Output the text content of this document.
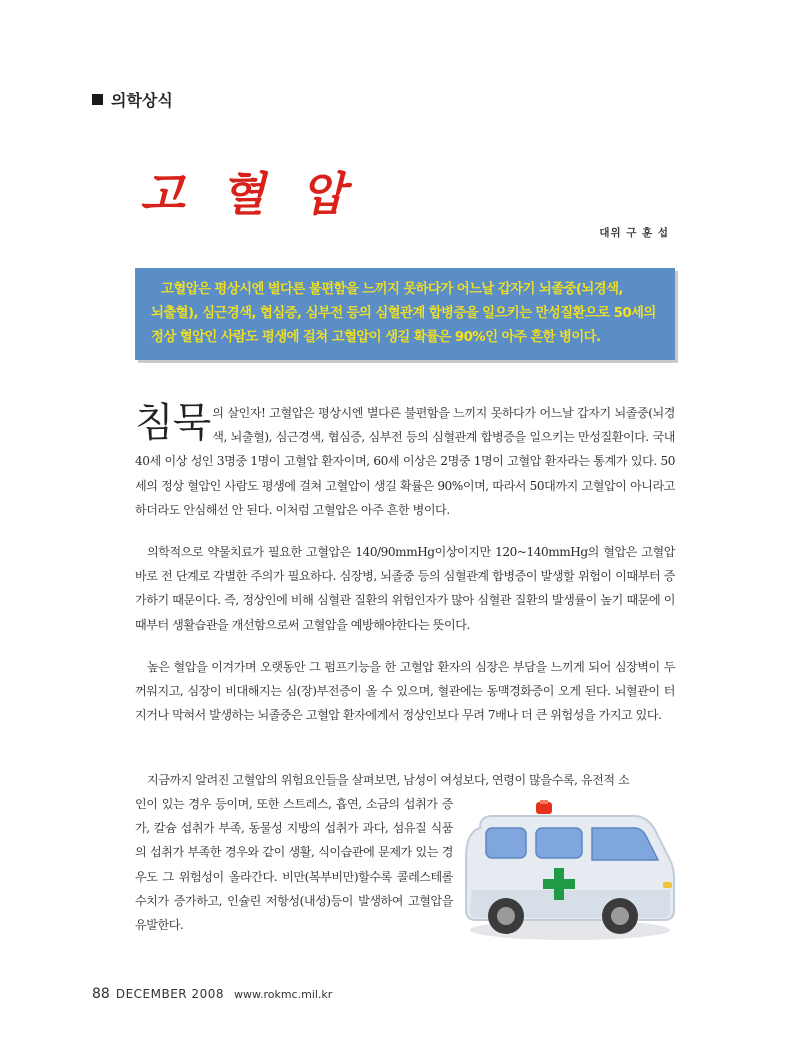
의학상식
고 혈 압
대위 구 훈 섭

고혈압은 평상시엔 별다른 불편함을 느끼지 못하다가 어느날 갑자기 뇌졸중(뇌경색, 뇌출혈), 심근경색, 협심증, 심부전 등의 심혈관계 합병증을 일으키는 만성질환으로 50세의 정상 혈압인 사람도 평생에 걸쳐 고혈압이 생길 확률은 90%인 아주 흔한 병이다.

침묵 의 살인자! 고혈압은 평상시엔 별다른 불편함을 느끼지 못하다가 어느날 갑자기 뇌졸중(뇌경색, 뇌출혈), 심근경색, 협심증, 심부전 등의 심혈관계 합병증을 일으키는 만성질환이다. 국내 40세 이상 성인 3명중 1명이 고혈압 환자이며, 60세 이상은 2명중 1명이 고혈압 환자라는 통계가 있다. 50세의 정상 혈압인 사람도 평생에 걸쳐 고혈압이 생길 확률은 90%이며, 따라서 50대까지 고혈압이 아니라고 하더라도 안심해선 안 된다. 이처럼 고혈압은 아주 흔한 병이다.

의학적으로 약물치료가 필요한 고혈압은 140/90mmHg이상이지만 120~140mmHg의 혈압은 고혈압 바로 전 단계로 각별한 주의가 필요하다. 심장병, 뇌졸중 등의 심혈관계 합병증이 발생할 위험이 이때부터 증가하기 때문이다. 즉, 정상인에 비해 심혈관 질환의 위험인자가 많아 심혈관 질환의 발생률이 높기 때문에 이때부터 생활습관을 개선함으로써 고혈압을 예방해야한다는 뜻이다.

높은 혈압을 이겨가며 오랫동안 그 펌프기능을 한 고혈압 환자의 심장은 부담을 느끼게 되어 심장벽이 두꺼워지고, 심장이 비대해지는 심(장)부전증이 올 수 있으며, 혈관에는 동맥경화증이 오게 된다. 뇌혈관이 터지거나 막혀서 발생하는 뇌졸중은 고혈압 환자에게서 정상인보다 무려 7배나 더 큰 위험성을 가지고 있다.

지금까지 알려진 고혈압의 위험요인들을 살펴보면, 남성이 여성보다, 연령이 많을수록, 유전적 소

인이 있는 경우 등이며, 또한 스트레스, 흡연, 소금의 섭취가 증가, 칼슘 섭취가 부족, 동물성 지방의 섭취가 과다, 섬유질 식품의 섭취가 부족한 경우와 같이 생활, 식이습관에 문제가 있는 경우도 그 위험성이 올라간다. 비만(복부비만)할수록 콜레스테롤 수치가 증가하고, 인슐린 저항성(내성)등이 발생하여 고혈압을 유발한다.

88 DECEMBER 2008 www.rokmc.mil.kr
